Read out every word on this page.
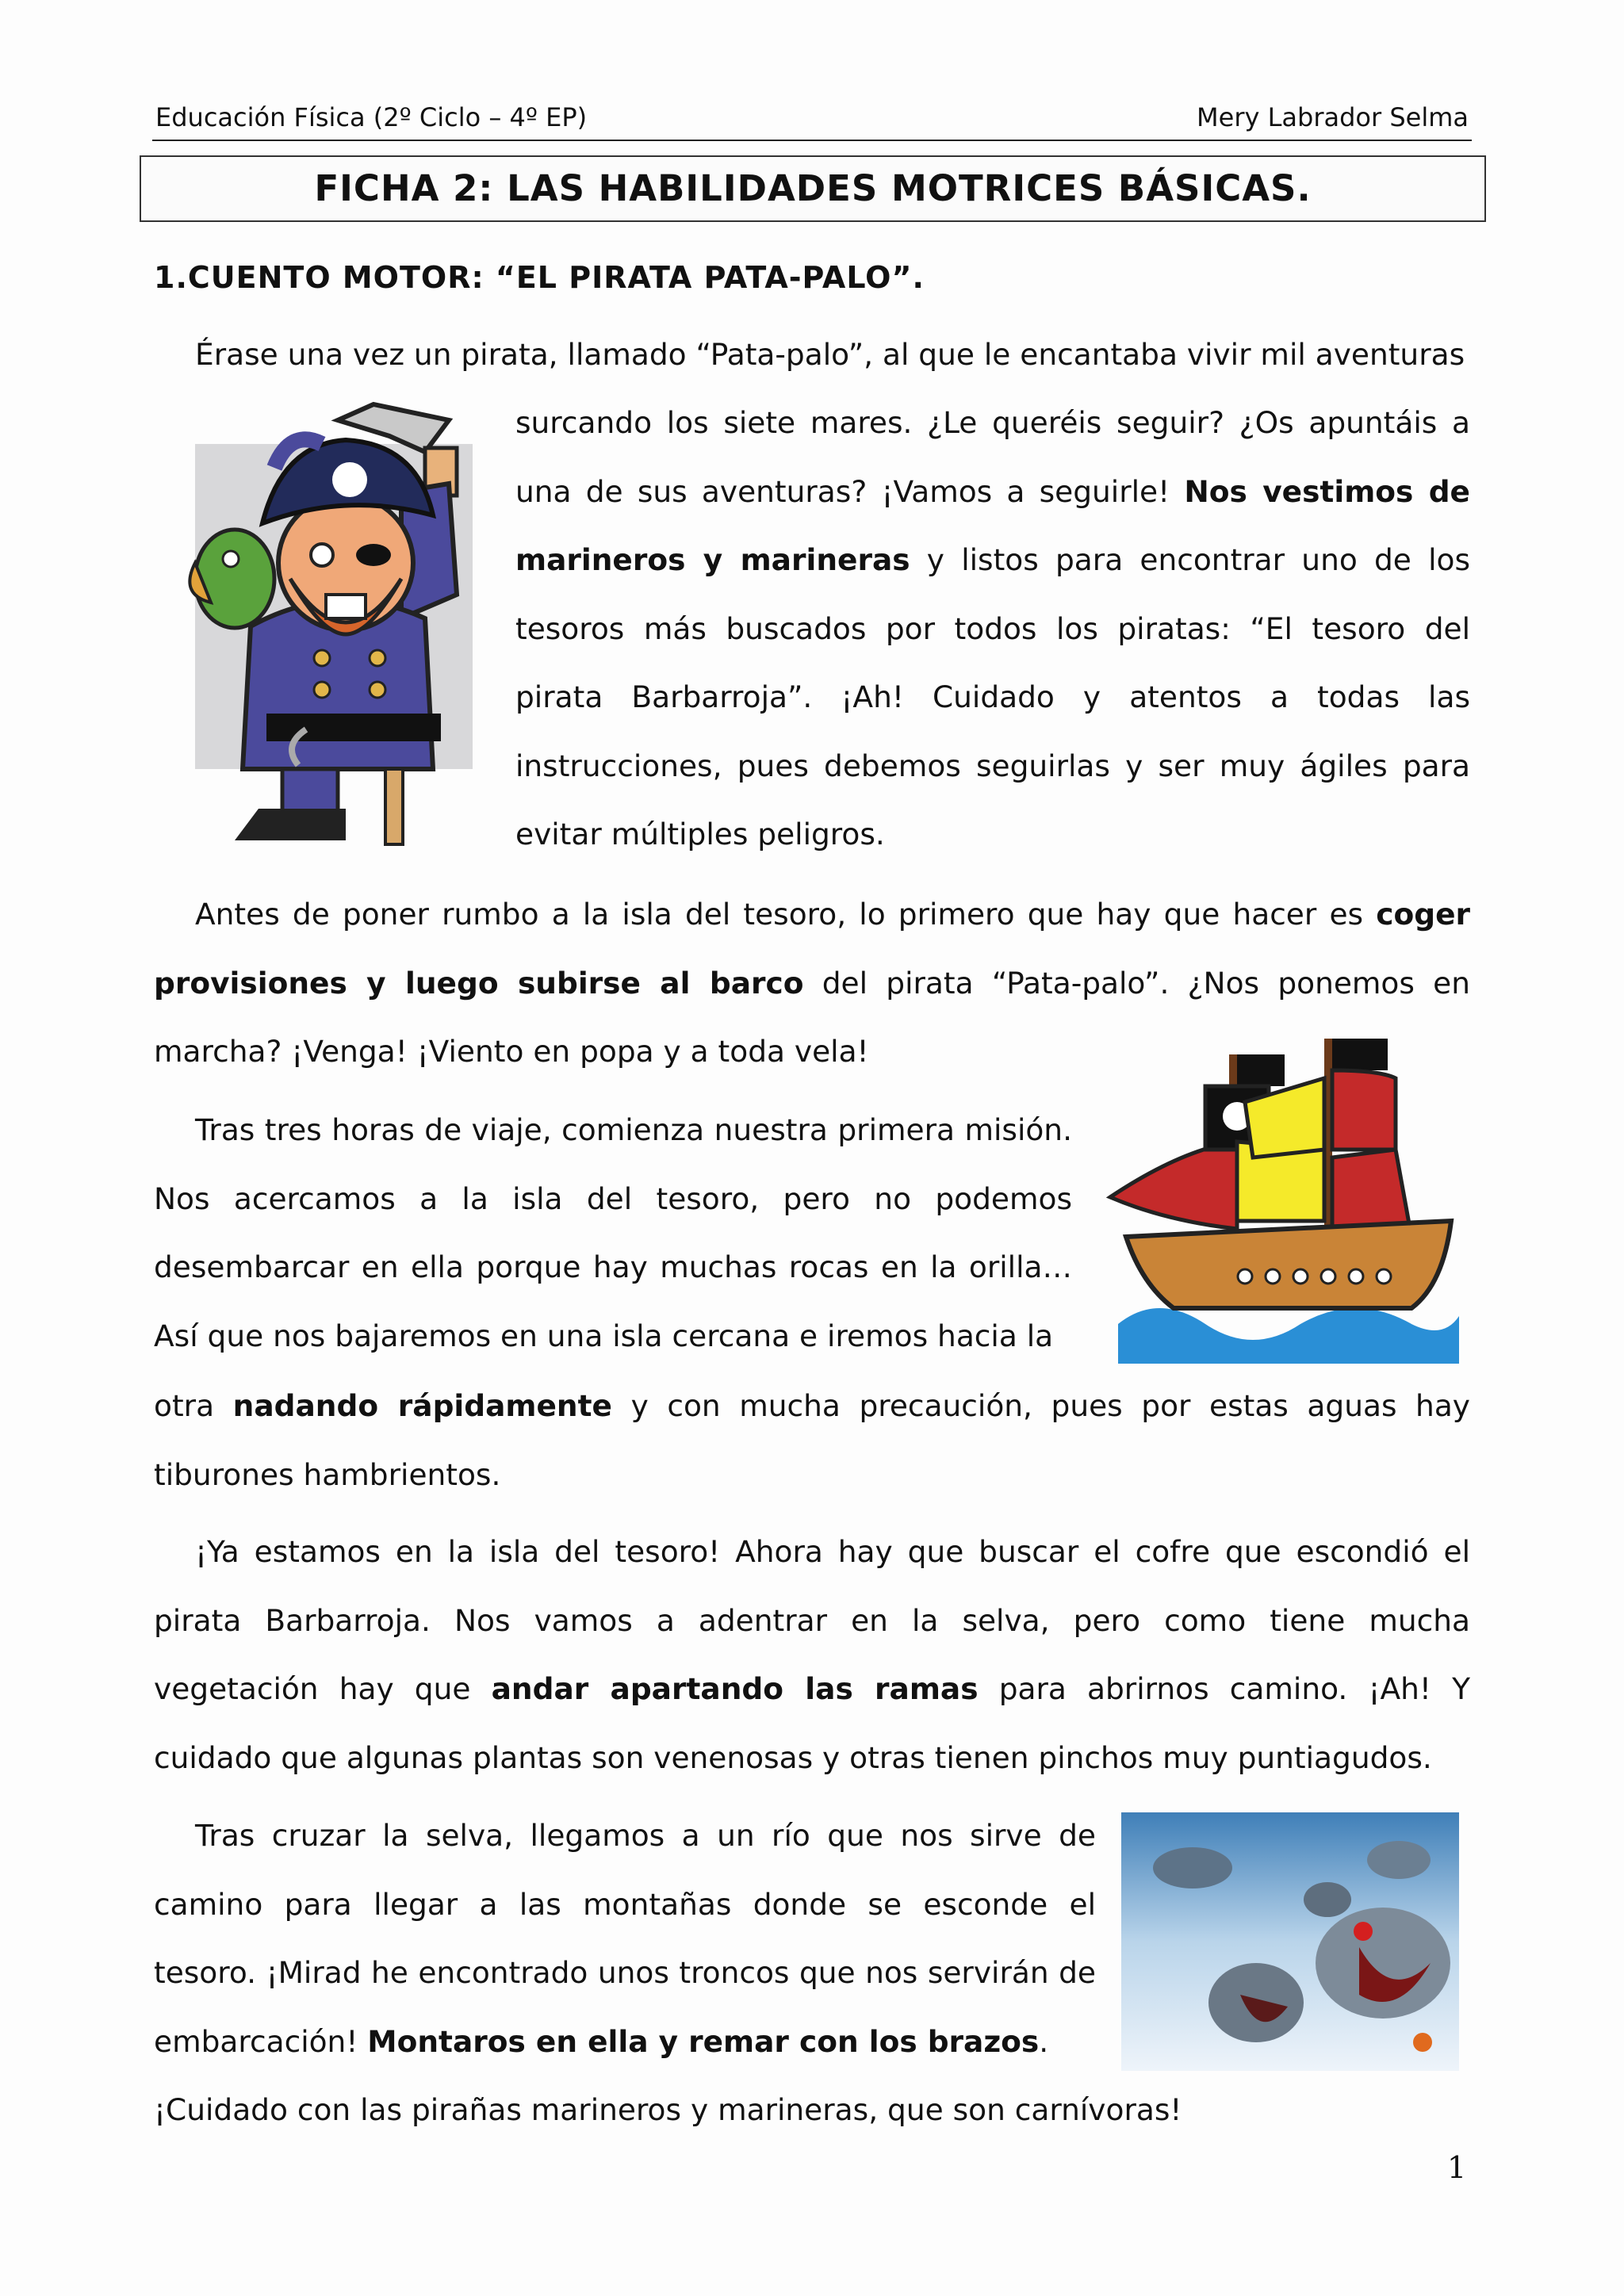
Educación Física (2º Ciclo – 4º EP)	Mery Labrador Selma
FICHA 2: LAS HABILIDADES MOTRICES BÁSICAS.
1.CUENTO MOTOR: “EL PIRATA PATA-PALO”.
Érase una vez un pirata, llamado “Pata-palo”, al que le encantaba vivir mil aventuras
surcando los siete mares. ¿Le queréis seguir? ¿Os apuntáis a una de sus aventuras? ¡Vamos a seguirle! Nos vestimos de marineros y marineras y listos para encontrar uno de los tesoros más buscados por todos los piratas: “El tesoro del pirata Barbarroja”. ¡Ah! Cuidado y atentos a todas las instrucciones, pues debemos seguirlas y ser muy ágiles para evitar múltiples peligros.
Antes de poner rumbo a la isla del tesoro, lo primero que hay que hacer es coger provisiones y luego subirse al barco del pirata “Pata-palo”. ¿Nos ponemos en marcha? ¡Venga! ¡Viento en popa y a toda vela!
Tras tres horas de viaje, comienza nuestra primera misión. Nos acercamos a la isla del tesoro, pero no podemos desembarcar en ella porque hay muchas rocas en la orilla… Así que nos bajaremos en una isla cercana e iremos hacia la
otra nadando rápidamente y con mucha precaución, pues por estas aguas hay tiburones hambrientos.
¡Ya estamos en la isla del tesoro! Ahora hay que buscar el cofre que escondió el pirata Barbarroja. Nos vamos a adentrar en la selva, pero como tiene mucha vegetación hay que andar apartando las ramas para abrirnos camino. ¡Ah! Y cuidado que algunas plantas son venenosas y otras tienen pinchos muy puntiagudos.
Tras cruzar la selva, llegamos a un río que nos sirve de camino para llegar a las montañas donde se esconde el tesoro. ¡Mirad he encontrado unos troncos que nos servirán de embarcación! Montaros en ella y remar con los brazos.
¡Cuidado con las pirañas marineros y marineras, que son carnívoras!
1
